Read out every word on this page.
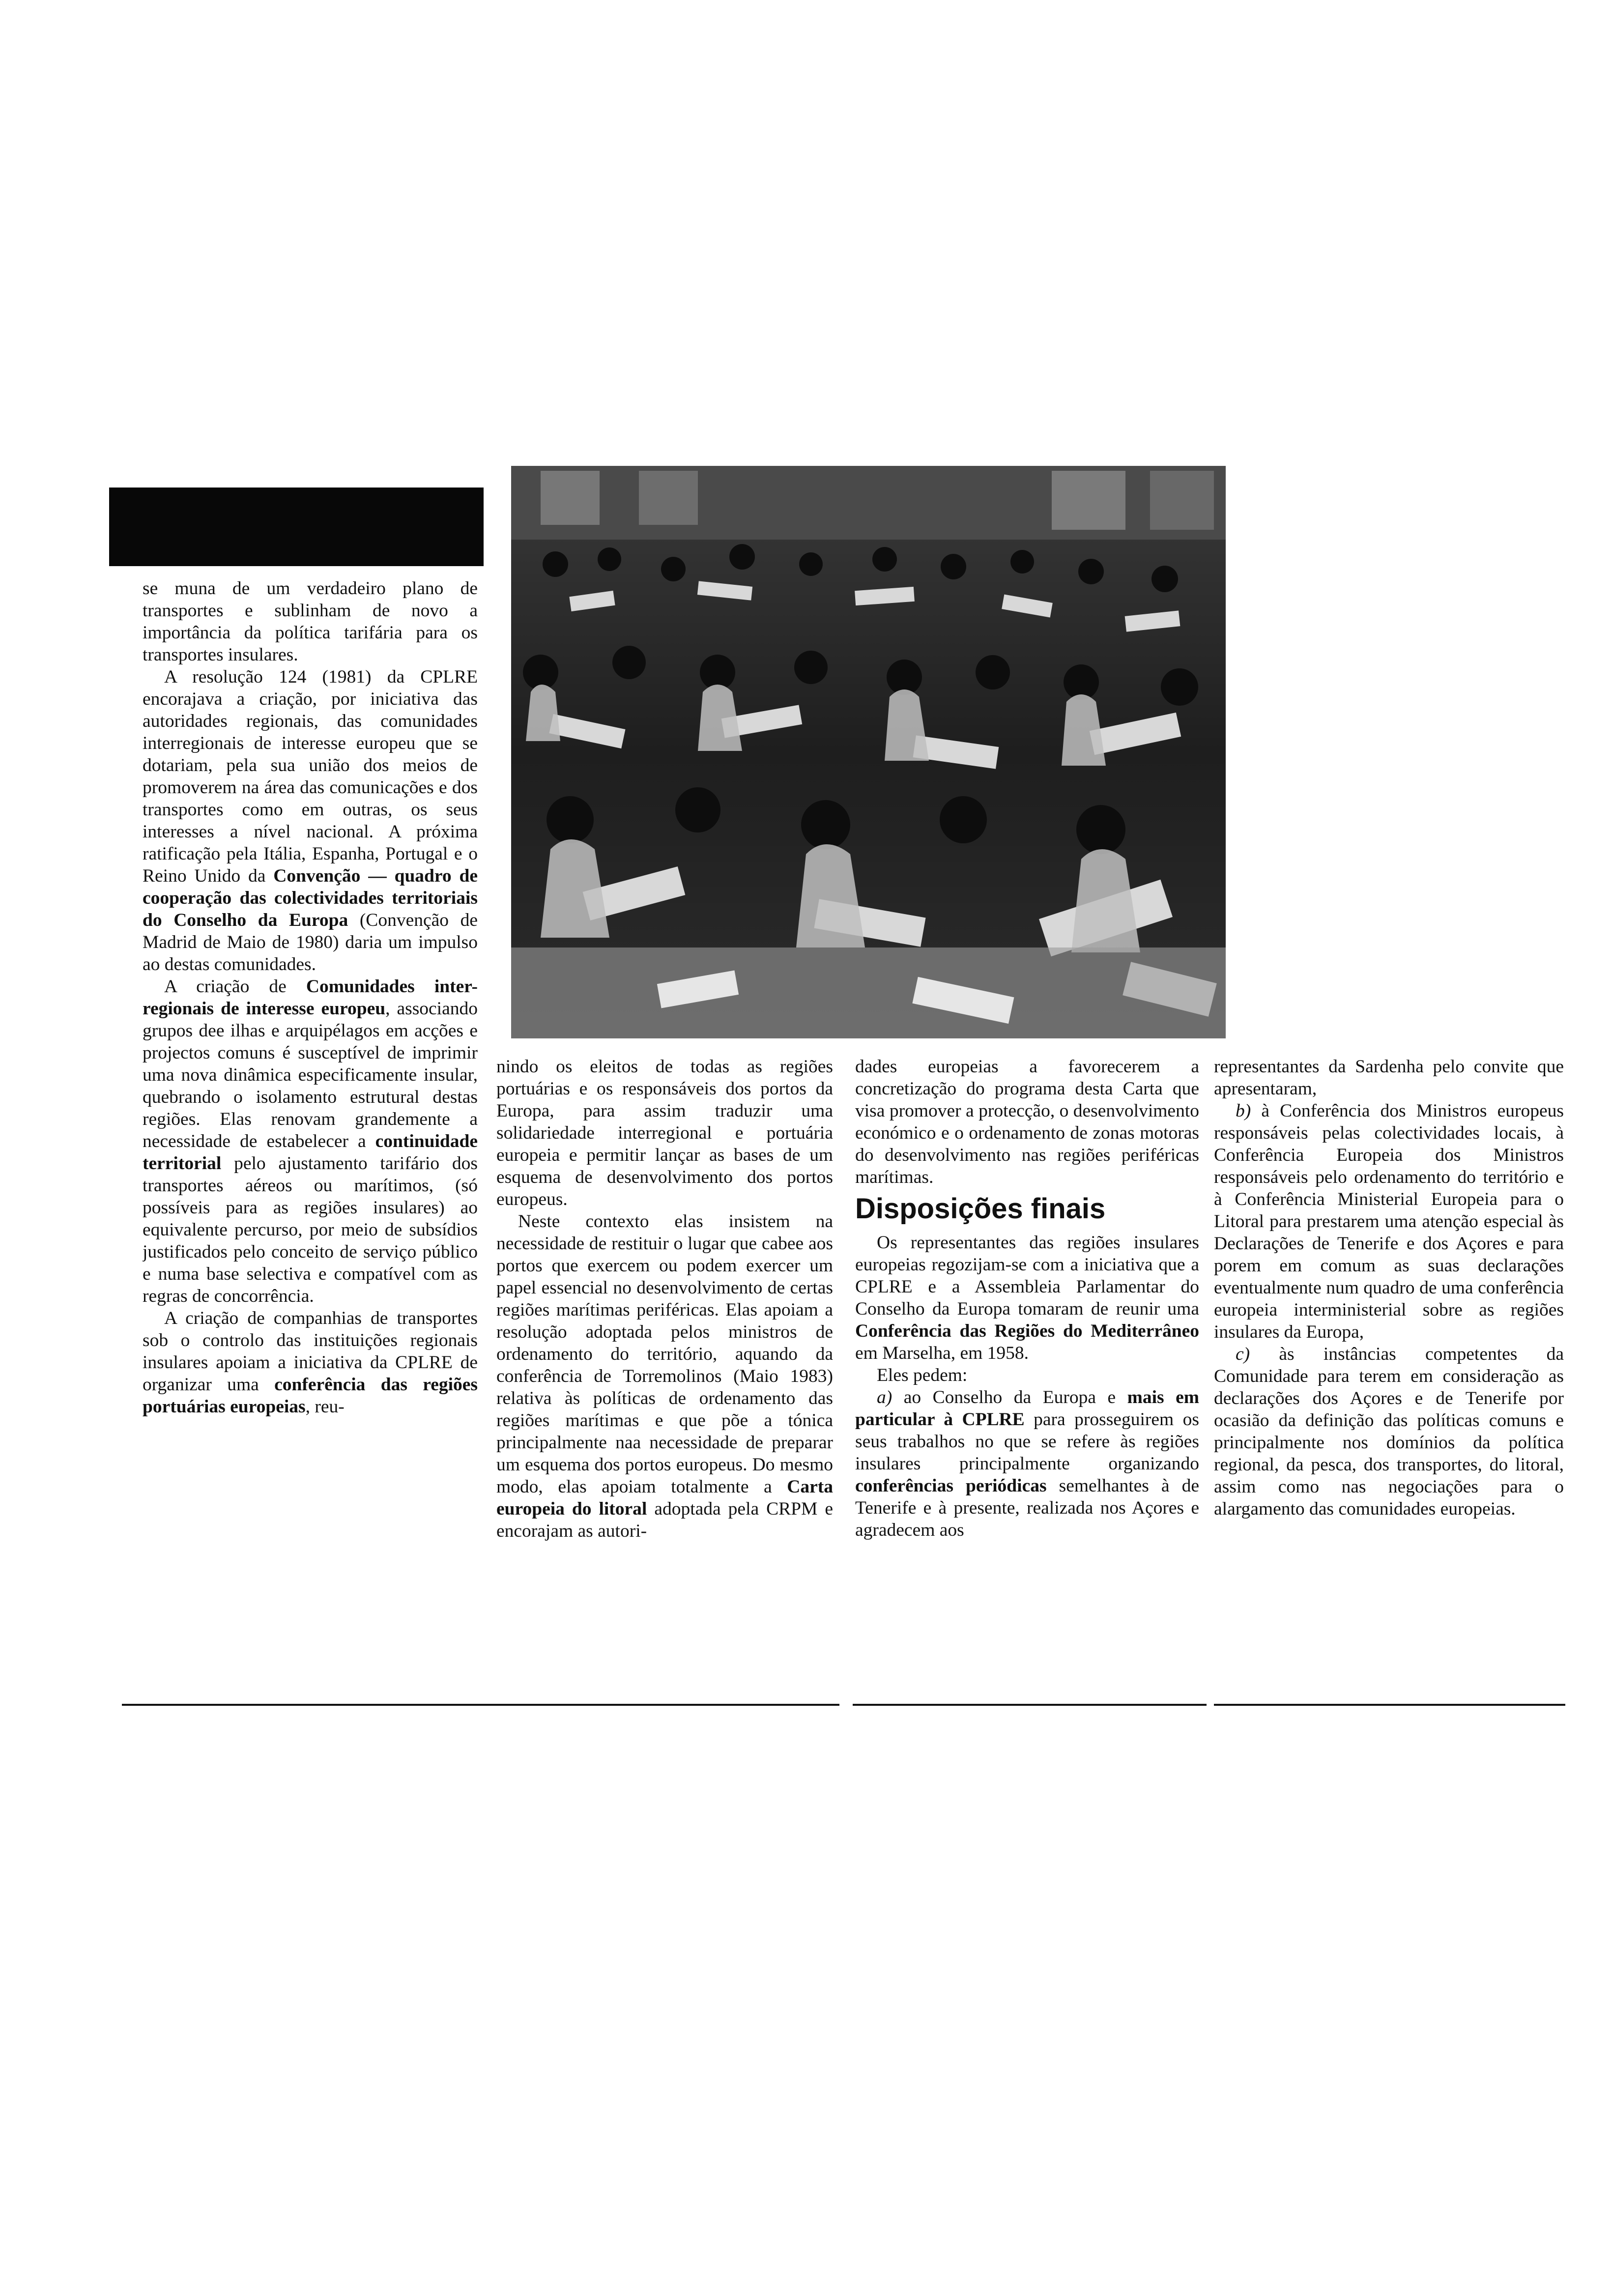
se muna de um verdadeiro plano de transportes e sublinham de novo a importância da política tarifária para os transportes insulares.

A resolução 124 (1981) da CPLRE encorajava a criação, por iniciativa das autoridades regionais, das comunidades interregionais de interesse europeu que se dotariam, pela sua união dos meios de promoverem na área das comunicações e dos transportes como em outras, os seus interesses a nível nacional. A próxima ratificação pela Itália, Espanha, Portugal e o Reino Unido da Convenção — quadro de cooperação das colectividades territoriais do Conselho da Europa (Convenção de Madrid de Maio de 1980) daria um impulso ao destas comunidades.

A criação de Comunidades inter-regionais de interesse europeu, associando grupos dee ilhas e arquipélagos em acções e projectos comuns é susceptível de imprimir uma nova dinâmica especificamente insular, quebrando o isolamento estrutural destas regiões. Elas renovam grandemente a necessidade de estabelecer a continuidade territorial pelo ajustamento tarifário dos transportes aéreos ou marítimos, (só possíveis para as regiões insulares) ao equivalente percurso, por meio de subsídios justificados pelo conceito de serviço público e numa base selectiva e compatível com as regras de concorrência.

A criação de companhias de transportes sob o controlo das instituições regionais insulares apoiam a iniciativa da CPLRE de organizar uma conferência das regiões portuárias europeias, reu-

nindo os eleitos de todas as regiões portuárias e os responsáveis dos portos da Europa, para assim traduzir uma solidariedade interregional e portuária europeia e permitir lançar as bases de um esquema de desenvolvimento dos portos europeus.

Neste contexto elas insistem na necessidade de restituir o lugar que cabee aos portos que exercem ou podem exercer um papel essencial no desenvolvimento de certas regiões marítimas periféricas. Elas apoiam a resolução adoptada pelos ministros de ordenamento do território, aquando da conferência de Torremolinos (Maio 1983) relativa às políticas de ordenamento das regiões marítimas e que põe a tónica principalmente naa necessidade de preparar um esquema dos portos europeus. Do mesmo modo, elas apoiam totalmente a Carta europeia do litoral adoptada pela CRPM e encorajam as autori-

dades europeias a favorecerem a concretização do programa desta Carta que visa promover a protecção, o desenvolvimento económico e o ordenamento de zonas motoras do desenvolvimento nas regiões periféricas marítimas.

Disposições finais

Os representantes das regiões insulares europeias regozijam-se com a iniciativa que a CPLRE e a Assembleia Parlamentar do Conselho da Europa tomaram de reunir uma Conferência das Regiões do Mediterrâneo em Marselha, em 1958.

Eles pedem:

a) ao Conselho da Europa e mais em particular à CPLRE para prosseguirem os seus trabalhos no que se refere às regiões insulares principalmente organizando conferências periódicas semelhantes à de Tenerife e à presente, realizada nos Açores e agradecem aos

representantes da Sardenha pelo convite que apresentaram,

b) à Conferência dos Ministros europeus responsáveis pelas colectividades locais, à Conferência Europeia dos Ministros responsáveis pelo ordenamento do território e à Conferência Ministerial Europeia para o Litoral para prestarem uma atenção especial às Declarações de Tenerife e dos Açores e para porem em comum as suas declarações eventualmente num quadro de uma conferência europeia interministerial sobre as regiões insulares da Europa,

c) às instâncias competentes da Comunidade para terem em consideração as declarações dos Açores e de Tenerife por ocasião da definição das políticas comuns e principalmente nos domínios da política regional, da pesca, dos transportes, do litoral, assim como nas negociações para o alargamento das comunidades europeias.
